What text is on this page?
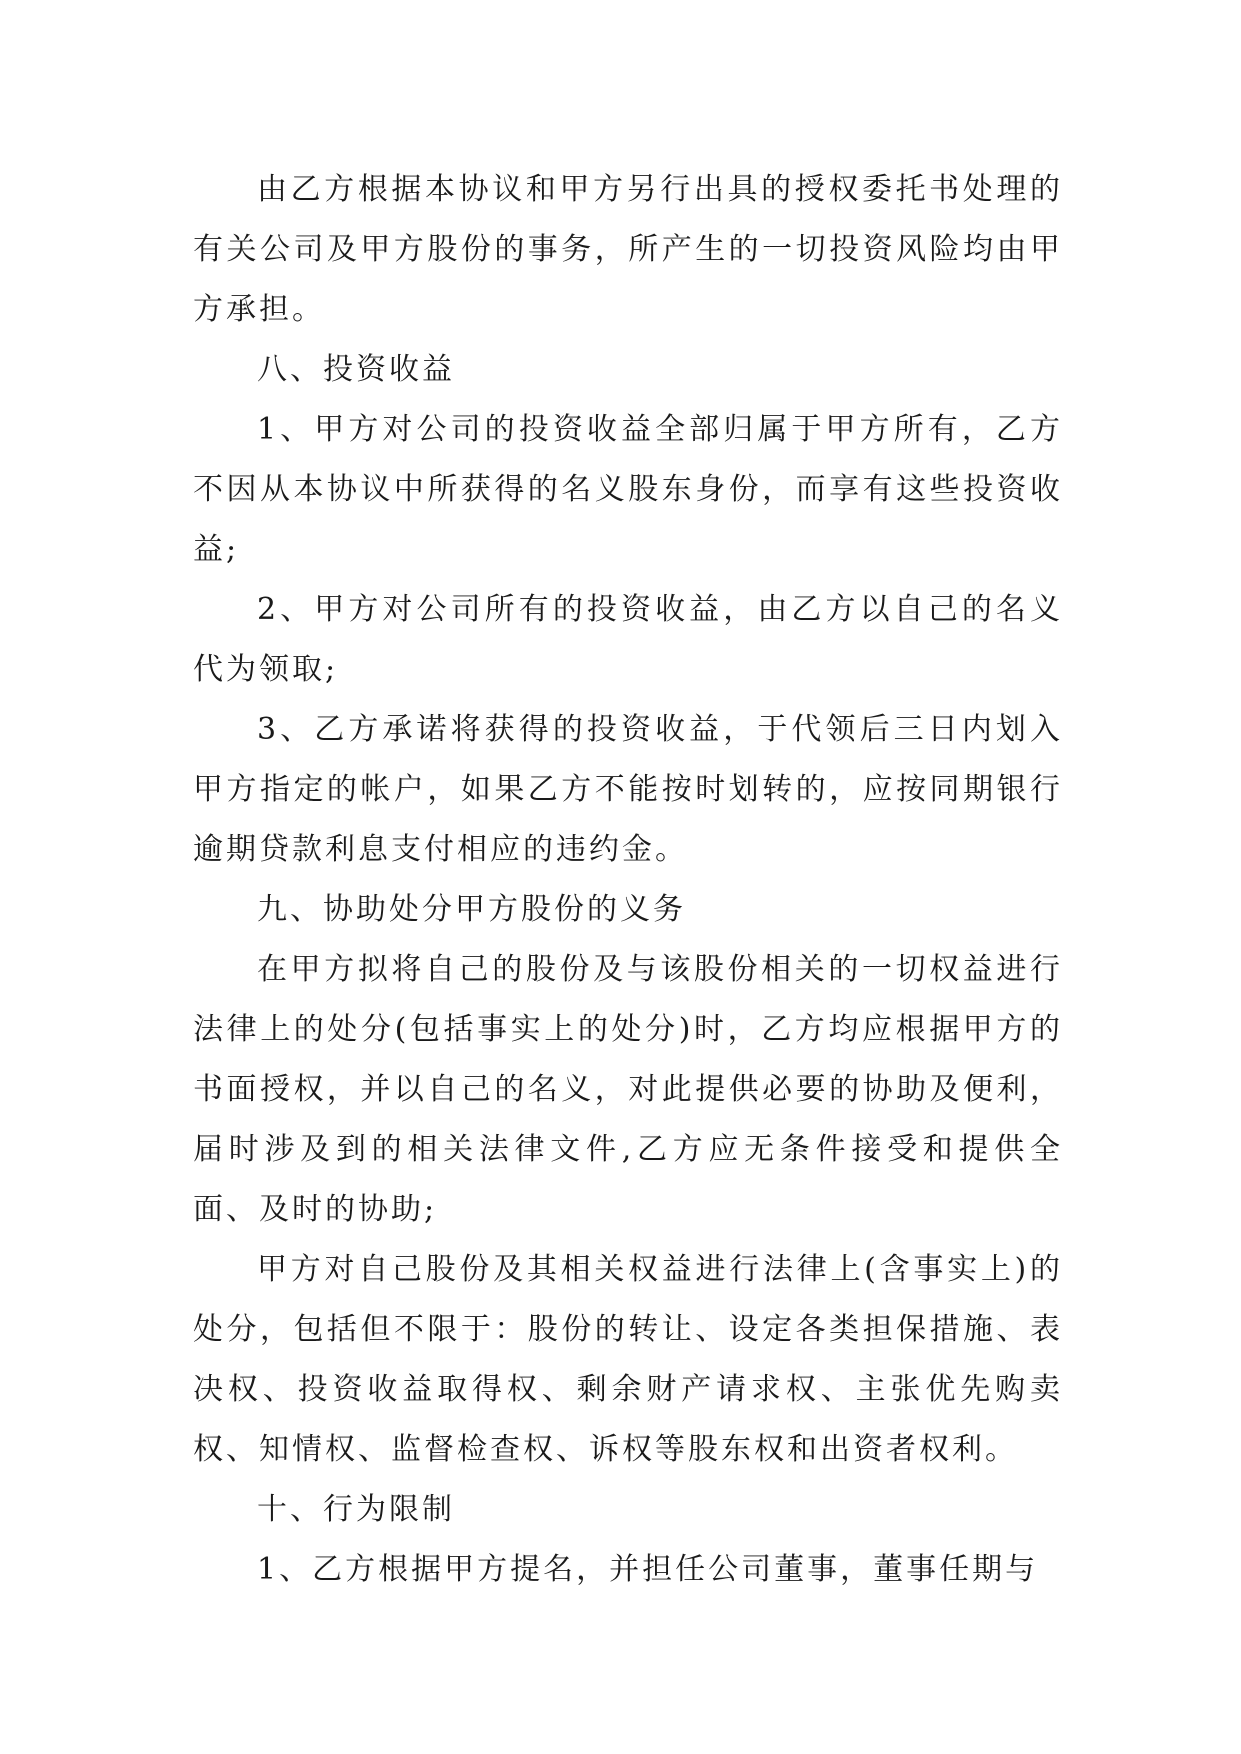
由乙方根据本协议和甲方另行出具的授权委托书处理的有关公司及甲方股份的事务，所产生的一切投资风险均由甲方承担。

八、投资收益

1、甲方对公司的投资收益全部归属于甲方所有，乙方不因从本协议中所获得的名义股东身份，而享有这些投资收益;

2、甲方对公司所有的投资收益，由乙方以自己的名义代为领取;

3、乙方承诺将获得的投资收益，于代领后三日内划入甲方指定的帐户，如果乙方不能按时划转的，应按同期银行逾期贷款利息支付相应的违约金。

九、协助处分甲方股份的义务

在甲方拟将自己的股份及与该股份相关的一切权益进行法律上的处分(包括事实上的处分)时，乙方均应根据甲方的书面授权，并以自己的名义，对此提供必要的协助及便利，届时涉及到的相关法律文件,乙方应无条件接受和提供全面、及时的协助;

甲方对自己股份及其相关权益进行法律上(含事实上)的处分，包括但不限于：股份的转让、设定各类担保措施、表决权、投资收益取得权、剩余财产请求权、主张优先购卖权、知情权、监督检查权、诉权等股东权和出资者权利。

十、行为限制

1、乙方根据甲方提名，并担任公司董事，董事任期与
